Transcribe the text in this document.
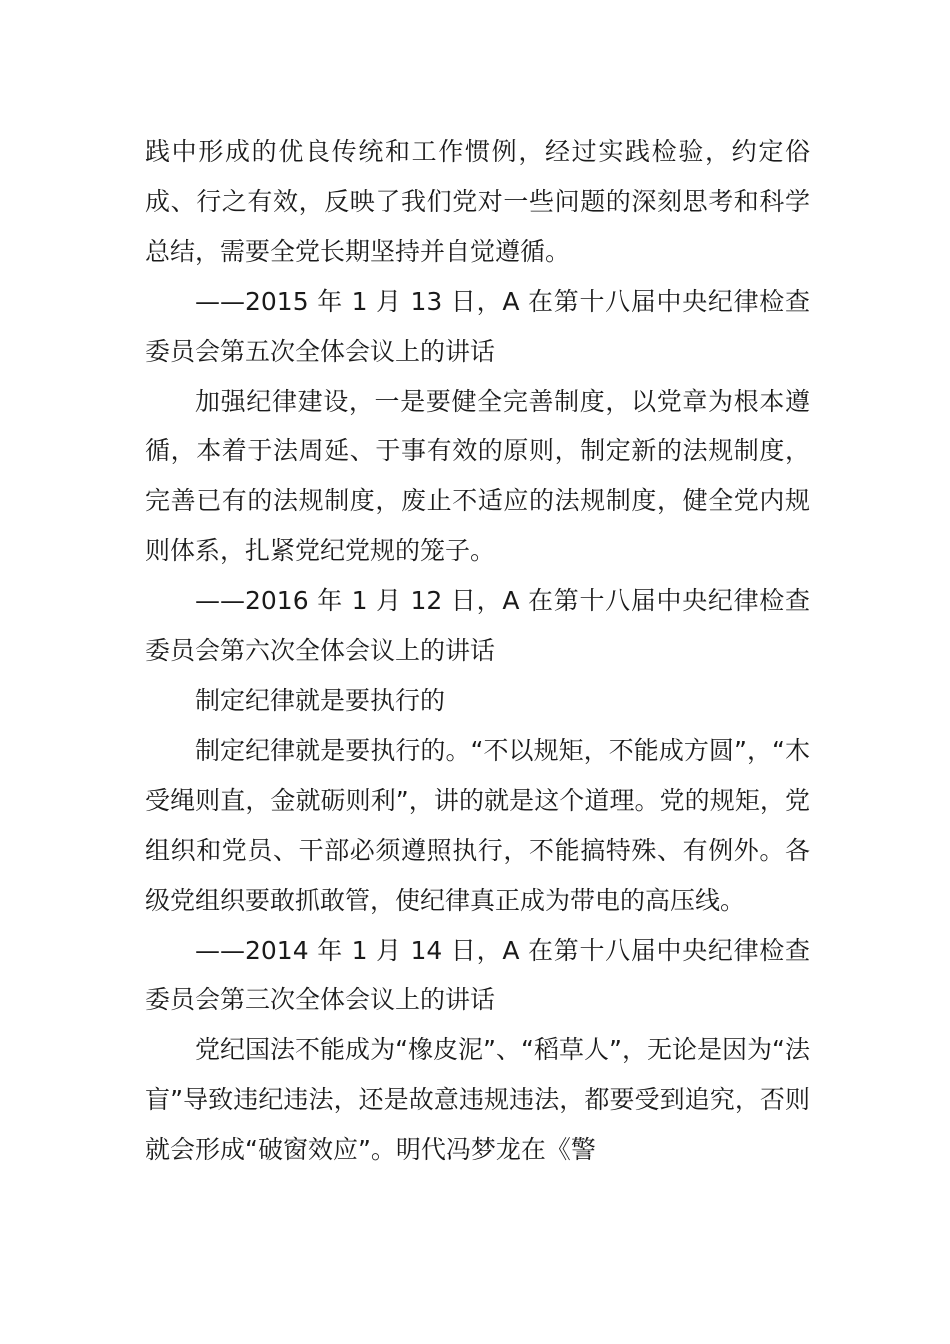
践中形成的优良传统和工作惯例，经过实践检验，约定俗成、行之有效，反映了我们党对一些问题的深刻思考和科学总结，需要全党长期坚持并自觉遵循。

——2015 年 1 月 13 日，A 在第十八届中央纪律检查委员会第五次全体会议上的讲话

加强纪律建设，一是要健全完善制度，以党章为根本遵循，本着于法周延、于事有效的原则，制定新的法规制度，完善已有的法规制度，废止不适应的法规制度，健全党内规则体系，扎紧党纪党规的笼子。

——2016 年 1 月 12 日，A 在第十八届中央纪律检查委员会第六次全体会议上的讲话

制定纪律就是要执行的

制定纪律就是要执行的。“不以规矩，不能成方圆”，“木受绳则直，金就砺则利”，讲的就是这个道理。党的规矩，党组织和党员、干部必须遵照执行，不能搞特殊、有例外。各级党组织要敢抓敢管，使纪律真正成为带电的高压线。

——2014 年 1 月 14 日，A 在第十八届中央纪律检查委员会第三次全体会议上的讲话

党纪国法不能成为“橡皮泥”、“稻草人”，无论是因为“法盲”导致违纪违法，还是故意违规违法，都要受到追究，否则就会形成“破窗效应”。明代冯梦龙在《警
